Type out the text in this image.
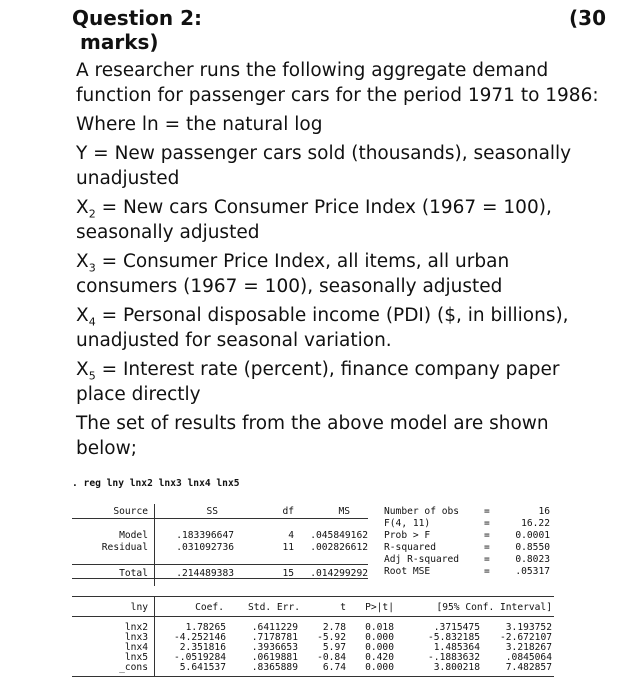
Question 2:	(30
marks)

A researcher runs the following aggregate demand function for passenger cars for the period 1971 to 1986:

Where ln = the natural log

Y = New passenger cars sold (thousands), seasonally unadjusted

$X_2$ = New cars Consumer Price Index (1967 = 100), seasonally adjusted

$X_3$ = Consumer Price Index, all items, all urban consumers (1967 = 100), seasonally adjusted

$X_4$ = Personal disposable income (PDI) ($, in billions), unadjusted for seasonal variation.

$X_5$ = Interest rate (percent), finance company paper place directly

The set of results from the above model are shown below;

. reg lny lnx2 lnx3 lnx4 lnx5
Source	SS	df	MS
Model	.183396647	4	.045849162
Residual	.031092736	11	.002826612
Total	.214489383	15	.014299292
Number of obs	=	16
F(4, 11)	=	16.22
Prob > F	=	0.0001
R-squared	=	0.8550
Adj R-squared	=	0.8023
Root MSE	=	.05317
lny	Coef.	Std. Err.	t	P>|t|	[95% Conf. Interval]
lnx2	1.78265	.6411229	2.78	0.018	.3715475	3.193752
lnx3	-4.252146	.7178781	-5.92	0.000	-5.832185	-2.672107
lnx4	2.351816	.3936653	5.97	0.000	1.485364	3.218267
lnx5	-.0519284	.0619881	-0.84	0.420	-.1883632	.0845064
_cons	5.641537	.8365889	6.74	0.000	3.800218	7.482857
